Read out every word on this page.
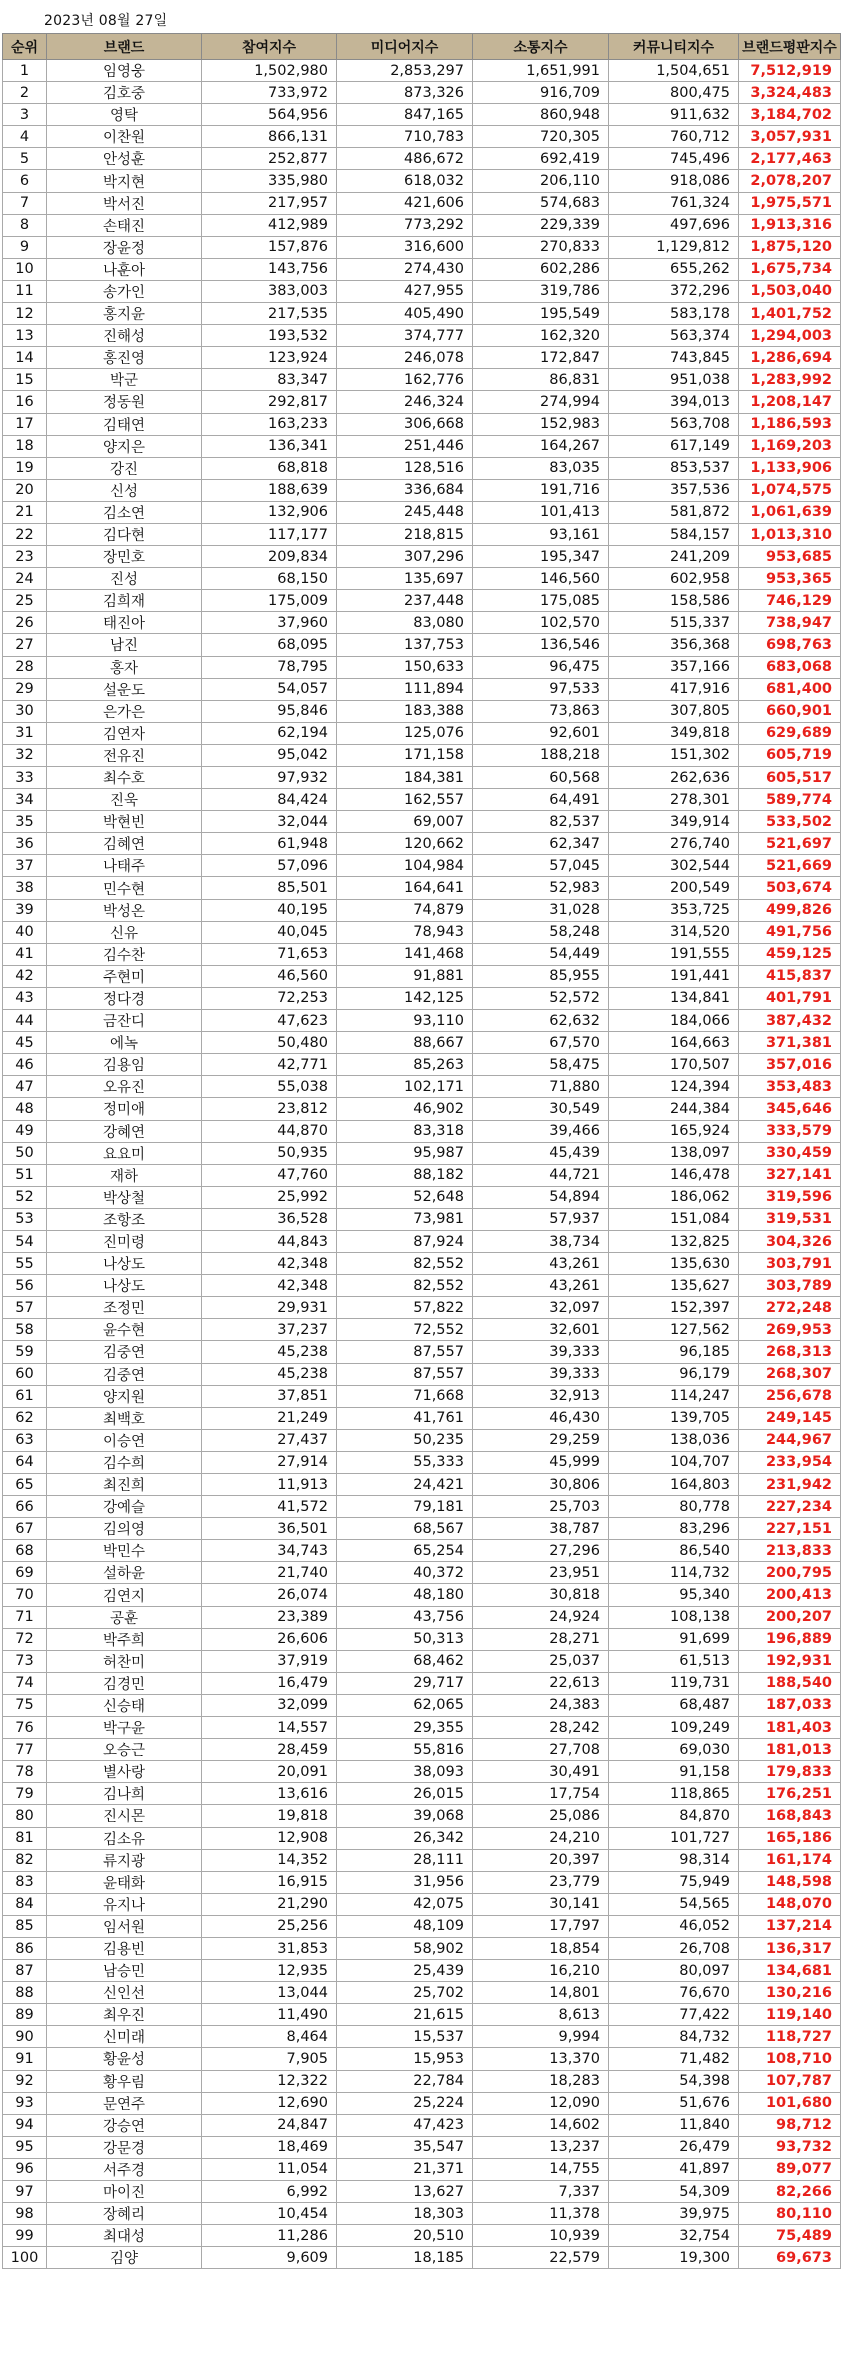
2023년 08월 27일
순위	브랜드	참여지수	미디어지수	소통지수	커뮤니티지수	브랜드평판지수
1	임영웅	1,502,980	2,853,297	1,651,991	1,504,651	7,512,919
2	김호중	733,972	873,326	916,709	800,475	3,324,483
3	영탁	564,956	847,165	860,948	911,632	3,184,702
4	이찬원	866,131	710,783	720,305	760,712	3,057,931
5	안성훈	252,877	486,672	692,419	745,496	2,177,463
6	박지현	335,980	618,032	206,110	918,086	2,078,207
7	박서진	217,957	421,606	574,683	761,324	1,975,571
8	손태진	412,989	773,292	229,339	497,696	1,913,316
9	장윤정	157,876	316,600	270,833	1,129,812	1,875,120
10	나훈아	143,756	274,430	602,286	655,262	1,675,734
11	송가인	383,003	427,955	319,786	372,296	1,503,040
12	홍지윤	217,535	405,490	195,549	583,178	1,401,752
13	진해성	193,532	374,777	162,320	563,374	1,294,003
14	홍진영	123,924	246,078	172,847	743,845	1,286,694
15	박군	83,347	162,776	86,831	951,038	1,283,992
16	정동원	292,817	246,324	274,994	394,013	1,208,147
17	김태연	163,233	306,668	152,983	563,708	1,186,593
18	양지은	136,341	251,446	164,267	617,149	1,169,203
19	강진	68,818	128,516	83,035	853,537	1,133,906
20	신성	188,639	336,684	191,716	357,536	1,074,575
21	김소연	132,906	245,448	101,413	581,872	1,061,639
22	김다현	117,177	218,815	93,161	584,157	1,013,310
23	장민호	209,834	307,296	195,347	241,209	953,685
24	진성	68,150	135,697	146,560	602,958	953,365
25	김희재	175,009	237,448	175,085	158,586	746,129
26	태진아	37,960	83,080	102,570	515,337	738,947
27	남진	68,095	137,753	136,546	356,368	698,763
28	홍자	78,795	150,633	96,475	357,166	683,068
29	설운도	54,057	111,894	97,533	417,916	681,400
30	은가은	95,846	183,388	73,863	307,805	660,901
31	김연자	62,194	125,076	92,601	349,818	629,689
32	전유진	95,042	171,158	188,218	151,302	605,719
33	최수호	97,932	184,381	60,568	262,636	605,517
34	진욱	84,424	162,557	64,491	278,301	589,774
35	박현빈	32,044	69,007	82,537	349,914	533,502
36	김혜연	61,948	120,662	62,347	276,740	521,697
37	나태주	57,096	104,984	57,045	302,544	521,669
38	민수현	85,501	164,641	52,983	200,549	503,674
39	박성온	40,195	74,879	31,028	353,725	499,826
40	신유	40,045	78,943	58,248	314,520	491,756
41	김수찬	71,653	141,468	54,449	191,555	459,125
42	주현미	46,560	91,881	85,955	191,441	415,837
43	정다경	72,253	142,125	52,572	134,841	401,791
44	금잔디	47,623	93,110	62,632	184,066	387,432
45	에녹	50,480	88,667	67,570	164,663	371,381
46	김용임	42,771	85,263	58,475	170,507	357,016
47	오유진	55,038	102,171	71,880	124,394	353,483
48	정미애	23,812	46,902	30,549	244,384	345,646
49	강혜연	44,870	83,318	39,466	165,924	333,579
50	요요미	50,935	95,987	45,439	138,097	330,459
51	재하	47,760	88,182	44,721	146,478	327,141
52	박상철	25,992	52,648	54,894	186,062	319,596
53	조항조	36,528	73,981	57,937	151,084	319,531
54	진미령	44,843	87,924	38,734	132,825	304,326
55	나상도	42,348	82,552	43,261	135,630	303,791
56	나상도	42,348	82,552	43,261	135,627	303,789
57	조정민	29,931	57,822	32,097	152,397	272,248
58	윤수현	37,237	72,552	32,601	127,562	269,953
59	김중연	45,238	87,557	39,333	96,185	268,313
60	김중연	45,238	87,557	39,333	96,179	268,307
61	양지원	37,851	71,668	32,913	114,247	256,678
62	최백호	21,249	41,761	46,430	139,705	249,145
63	이승연	27,437	50,235	29,259	138,036	244,967
64	김수희	27,914	55,333	45,999	104,707	233,954
65	최진희	11,913	24,421	30,806	164,803	231,942
66	강예슬	41,572	79,181	25,703	80,778	227,234
67	김의영	36,501	68,567	38,787	83,296	227,151
68	박민수	34,743	65,254	27,296	86,540	213,833
69	설하윤	21,740	40,372	23,951	114,732	200,795
70	김연지	26,074	48,180	30,818	95,340	200,413
71	공훈	23,389	43,756	24,924	108,138	200,207
72	박주희	26,606	50,313	28,271	91,699	196,889
73	허찬미	37,919	68,462	25,037	61,513	192,931
74	김경민	16,479	29,717	22,613	119,731	188,540
75	신승태	32,099	62,065	24,383	68,487	187,033
76	박구윤	14,557	29,355	28,242	109,249	181,403
77	오승근	28,459	55,816	27,708	69,030	181,013
78	별사랑	20,091	38,093	30,491	91,158	179,833
79	김나희	13,616	26,015	17,754	118,865	176,251
80	진시몬	19,818	39,068	25,086	84,870	168,843
81	김소유	12,908	26,342	24,210	101,727	165,186
82	류지광	14,352	28,111	20,397	98,314	161,174
83	윤태화	16,915	31,956	23,779	75,949	148,598
84	유지나	21,290	42,075	30,141	54,565	148,070
85	임서원	25,256	48,109	17,797	46,052	137,214
86	김용빈	31,853	58,902	18,854	26,708	136,317
87	남승민	12,935	25,439	16,210	80,097	134,681
88	신인선	13,044	25,702	14,801	76,670	130,216
89	최우진	11,490	21,615	8,613	77,422	119,140
90	신미래	8,464	15,537	9,994	84,732	118,727
91	황윤성	7,905	15,953	13,370	71,482	108,710
92	황우림	12,322	22,784	18,283	54,398	107,787
93	문연주	12,690	25,224	12,090	51,676	101,680
94	강승연	24,847	47,423	14,602	11,840	98,712
95	강문경	18,469	35,547	13,237	26,479	93,732
96	서주경	11,054	21,371	14,755	41,897	89,077
97	마이진	6,992	13,627	7,337	54,309	82,266
98	장혜리	10,454	18,303	11,378	39,975	80,110
99	최대성	11,286	20,510	10,939	32,754	75,489
100	김양	9,609	18,185	22,579	19,300	69,673
